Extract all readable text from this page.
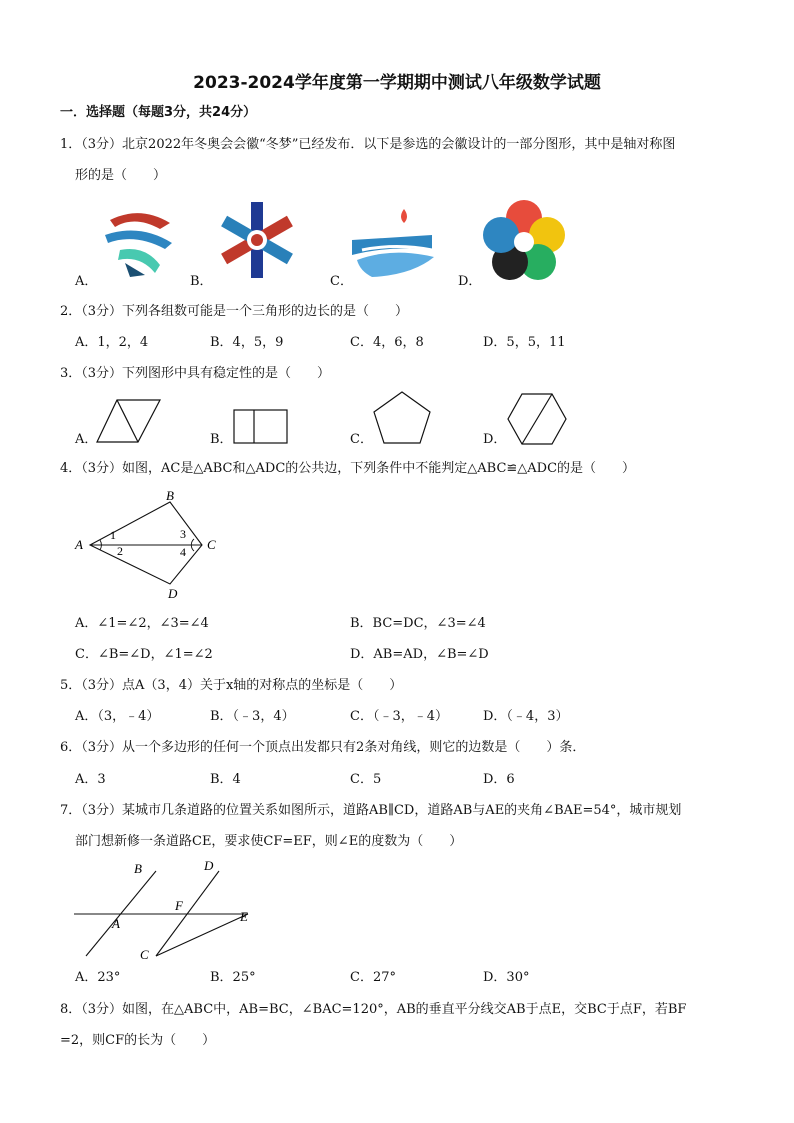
2023-2024学年度第一学期期中测试八年级数学试题
一．选择题（每题3分，共24分）
1．（3分）北京2022年冬奥会会徽“冬梦”已经发布．以下是参选的会徽设计的一部分图形，其中是轴对称图
形的是（　　）
A．	B．	C．	D．
2．（3分）下列各组数可能是一个三角形的边长的是（　　）
A．1，2，4	B．4，5，9	C．4，6，8	D．5，5，11
3．（3分）下列图形中具有稳定性的是（　　）
A．	B．	C．	D．
4．（3分）如图，AC是△ABC和△ADC的公共边，下列条件中不能判定△ABC≌△ADC的是（　　）
A
B
C
D
1
2
3
4
A．∠1=∠2，∠3=∠4	B．BC=DC，∠3=∠4
C．∠B=∠D，∠1=∠2	D．AB=AD，∠B=∠D
5．（3分）点A（3，4）关于x轴的对称点的坐标是（　　）
A．（3，﹣4）	B．（﹣3，4）	C．（﹣3，﹣4）	D．（﹣4，3）
6．（3分）从一个多边形的任何一个顶点出发都只有2条对角线，则它的边数是（　　）条．
A．3	B．4	C．5	D．6
7．（3分）某城市几条道路的位置关系如图所示，道路AB∥CD，道路AB与AE的夹角∠BAE=54°，城市规划
部门想新修一条道路CE，要求使CF=EF，则∠E的度数为（　　）
B	D
F
A	E
C
A．23°	B．25°	C．27°	D．30°
8．（3分）如图，在△ABC中，AB=BC，∠BAC=120°，AB的垂直平分线交AB于点E，交BC于点F，若BF
=2，则CF的长为（　　）
